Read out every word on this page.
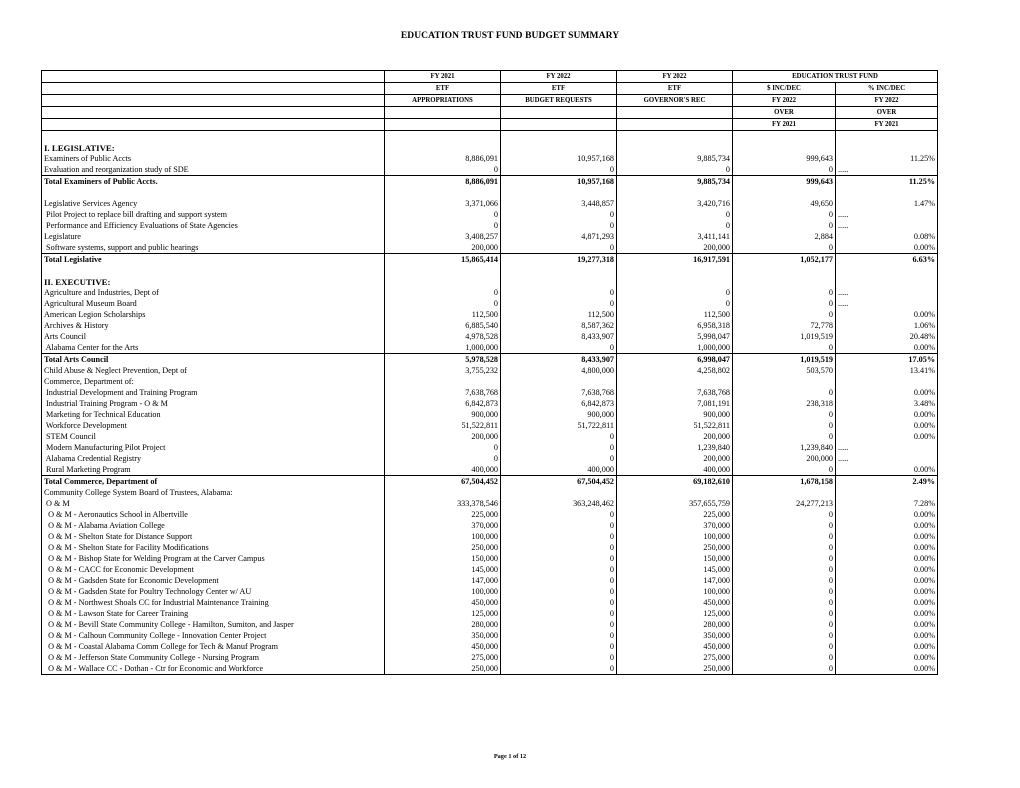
EDUCATION TRUST FUND BUDGET SUMMARY
	FY 2021	FY 2022	FY 2022	EDUCATION TRUST FUND	
	ETF	ETF	ETF	$ INC/DEC	% INC/DEC
	APPROPRIATIONS	BUDGET REQUESTS	GOVERNOR'S REC	FY 2022	FY 2022
				OVER	OVER
				FY 2021	FY 2021

I. LEGISLATIVE:					
Examiners of Public Accts	8,886,091	10,957,168	9,885,734	999,643	11.25%
Evaluation and reorganization study of SDE	0	0	0	0	.....
Total Examiners of Public Accts.	8,886,091	10,957,168	9,885,734	999,643	11.25%

Legislative Services Agency	3,371,066	3,448,857	3,420,716	49,650	1.47%
Pilot Project to replace bill drafting and support system	0	0	0	0	.....
Performance and Efficiency Evaluations of State Agencies	0	0	0	0	.....
Legislature	3,408,257	4,871,293	3,411,141	2,884	0.08%
Software systems, support and public hearings	200,000	0	200,000	0	0.00%
Total Legislative	15,865,414	19,277,318	16,917,591	1,052,177	6.63%

II. EXECUTIVE:					
Agriculture and Industries, Dept of	0	0	0	0	.....
Agricultural Museum Board	0	0	0	0	.....
American Legion Scholarships	112,500	112,500	112,500	0	0.00%
Archives & History	6,885,540	8,587,362	6,958,318	72,778	1.06%
Arts Council	4,978,528	8,433,907	5,998,047	1,019,519	20.48%
Alabama Center for the Arts	1,000,000	0	1,000,000	0	0.00%
Total Arts Council	5,978,528	8,433,907	6,998,047	1,019,519	17.05%
Child Abuse & Neglect Prevention, Dept of	3,755,232	4,800,000	4,258,802	503,570	13.41%
Commerce, Department of:					
Industrial Development and Training Program	7,638,768	7,638,768	7,638,768	0	0.00%
Industrial Training Program - O & M	6,842,873	6,842,873	7,081,191	238,318	3.48%
Marketing for Technical Education	900,000	900,000	900,000	0	0.00%
Workforce Development	51,522,811	51,722,811	51,522,811	0	0.00%
STEM Council	200,000	0	200,000	0	0.00%
Modern Manufacturing Pilot Project	0	0	1,239,840	1,239,840	.....
Alabama Credential Registry	0	0	200,000	200,000	.....
Rural Marketing Program	400,000	400,000	400,000	0	0.00%
Total Commerce, Department of	67,504,452	67,504,452	69,182,610	1,678,158	2.49%
Community College System Board of Trustees, Alabama:					
O & M	333,378,546	363,248,462	357,655,759	24,277,213	7.28%
O & M - Aeronautics School in Albertville	225,000	0	225,000	0	0.00%
O & M - Alabama Aviation College	370,000	0	370,000	0	0.00%
O & M - Shelton State for Distance Support	100,000	0	100,000	0	0.00%
O & M - Shelton State for Facility Modifications	250,000	0	250,000	0	0.00%
O & M - Bishop State for Welding Program at the Carver Campus	150,000	0	150,000	0	0.00%
O & M - CACC for Economic Development	145,000	0	145,000	0	0.00%
O & M - Gadsden State for Economic Development	147,000	0	147,000	0	0.00%
O & M - Gadsden State for Poultry Technology Center w/ AU	100,000	0	100,000	0	0.00%
O & M - Northwest Shoals CC for Industrial Maintenance Training	450,000	0	450,000	0	0.00%
O & M - Lawson State for Career Training	125,000	0	125,000	0	0.00%
O & M - Bevill State Community College - Hamilton, Sumiton, and Jasper	280,000	0	280,000	0	0.00%
O & M - Calhoun Community College - Innovation Center Project	350,000	0	350,000	0	0.00%
O & M - Coastal Alabama Comm College for Tech & Manuf Program	450,000	0	450,000	0	0.00%
O & M - Jefferson State Community College - Nursing Program	275,000	0	275,000	0	0.00%
O & M - Wallace CC - Dothan - Ctr for Economic and Workforce	250,000	0	250,000	0	0.00%
Page 1 of 12
